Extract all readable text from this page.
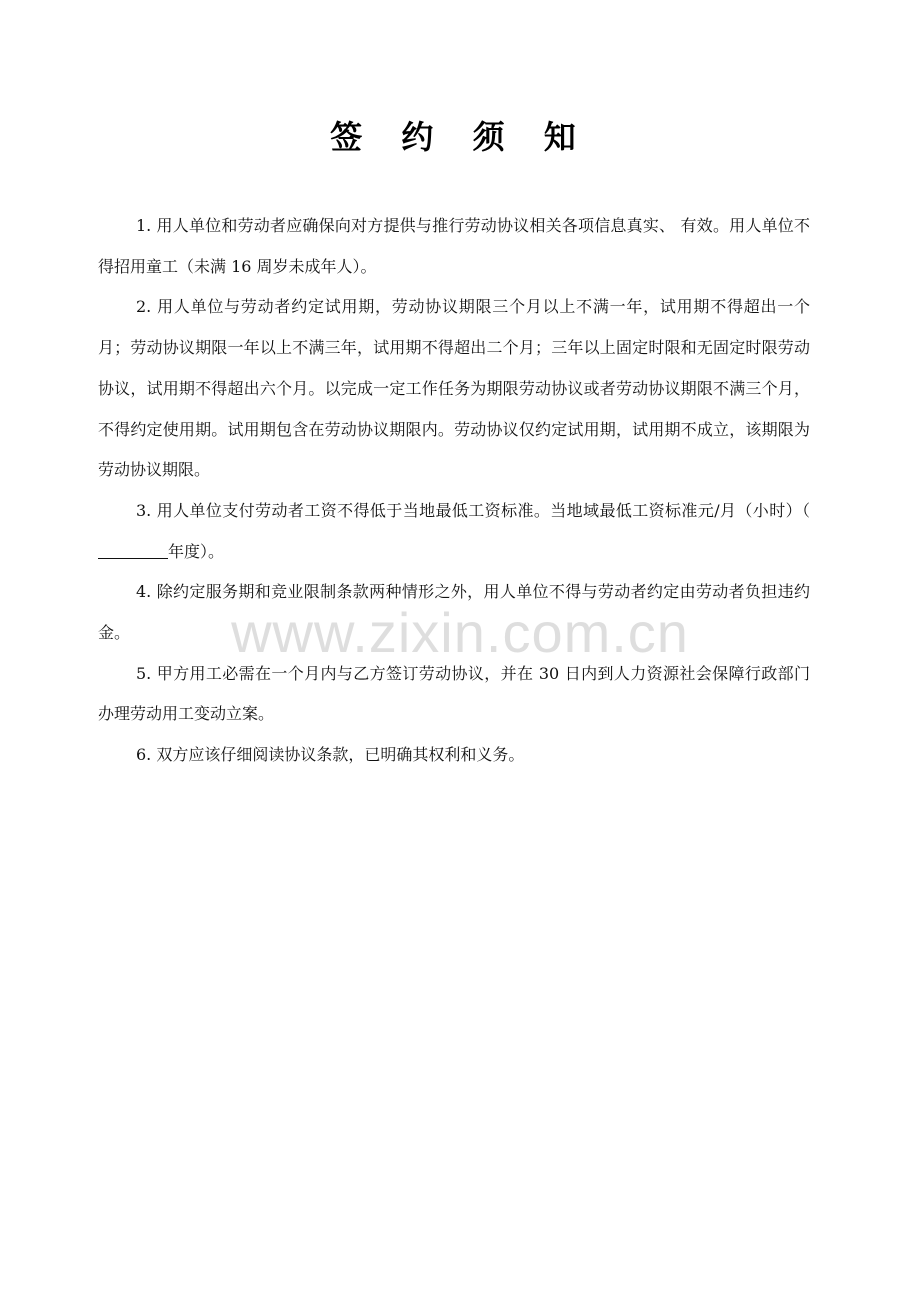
签 约 须 知

1. 用人单位和劳动者应确保向对方提供与推行劳动协议相关各项信息真实、 有效。用人单位不得招用童工（未满 16 周岁未成年人）。

2. 用人单位与劳动者约定试用期，劳动协议期限三个月以上不满一年，试用期不得超出一个月；劳动协议期限一年以上不满三年，试用期不得超出二个月；三年以上固定时限和无固定时限劳动协议，试用期不得超出六个月。以完成一定工作任务为期限劳动协议或者劳动协议期限不满三个月，不得约定使用期。试用期包含在劳动协议期限内。劳动协议仅约定试用期，试用期不成立，该期限为劳动协议期限。

3. 用人单位支付劳动者工资不得低于当地最低工资标准。当地域最低工资标准元/月（小时）（年度）。

4. 除约定服务期和竞业限制条款两种情形之外，用人单位不得与劳动者约定由劳动者负担违约金。

5. 甲方用工必需在一个月内与乙方签订劳动协议，并在 30 日内到人力资源社会保障行政部门办理劳动用工变动立案。

6. 双方应该仔细阅读协议条款，已明确其权利和义务。

www.zixin.com.cn
